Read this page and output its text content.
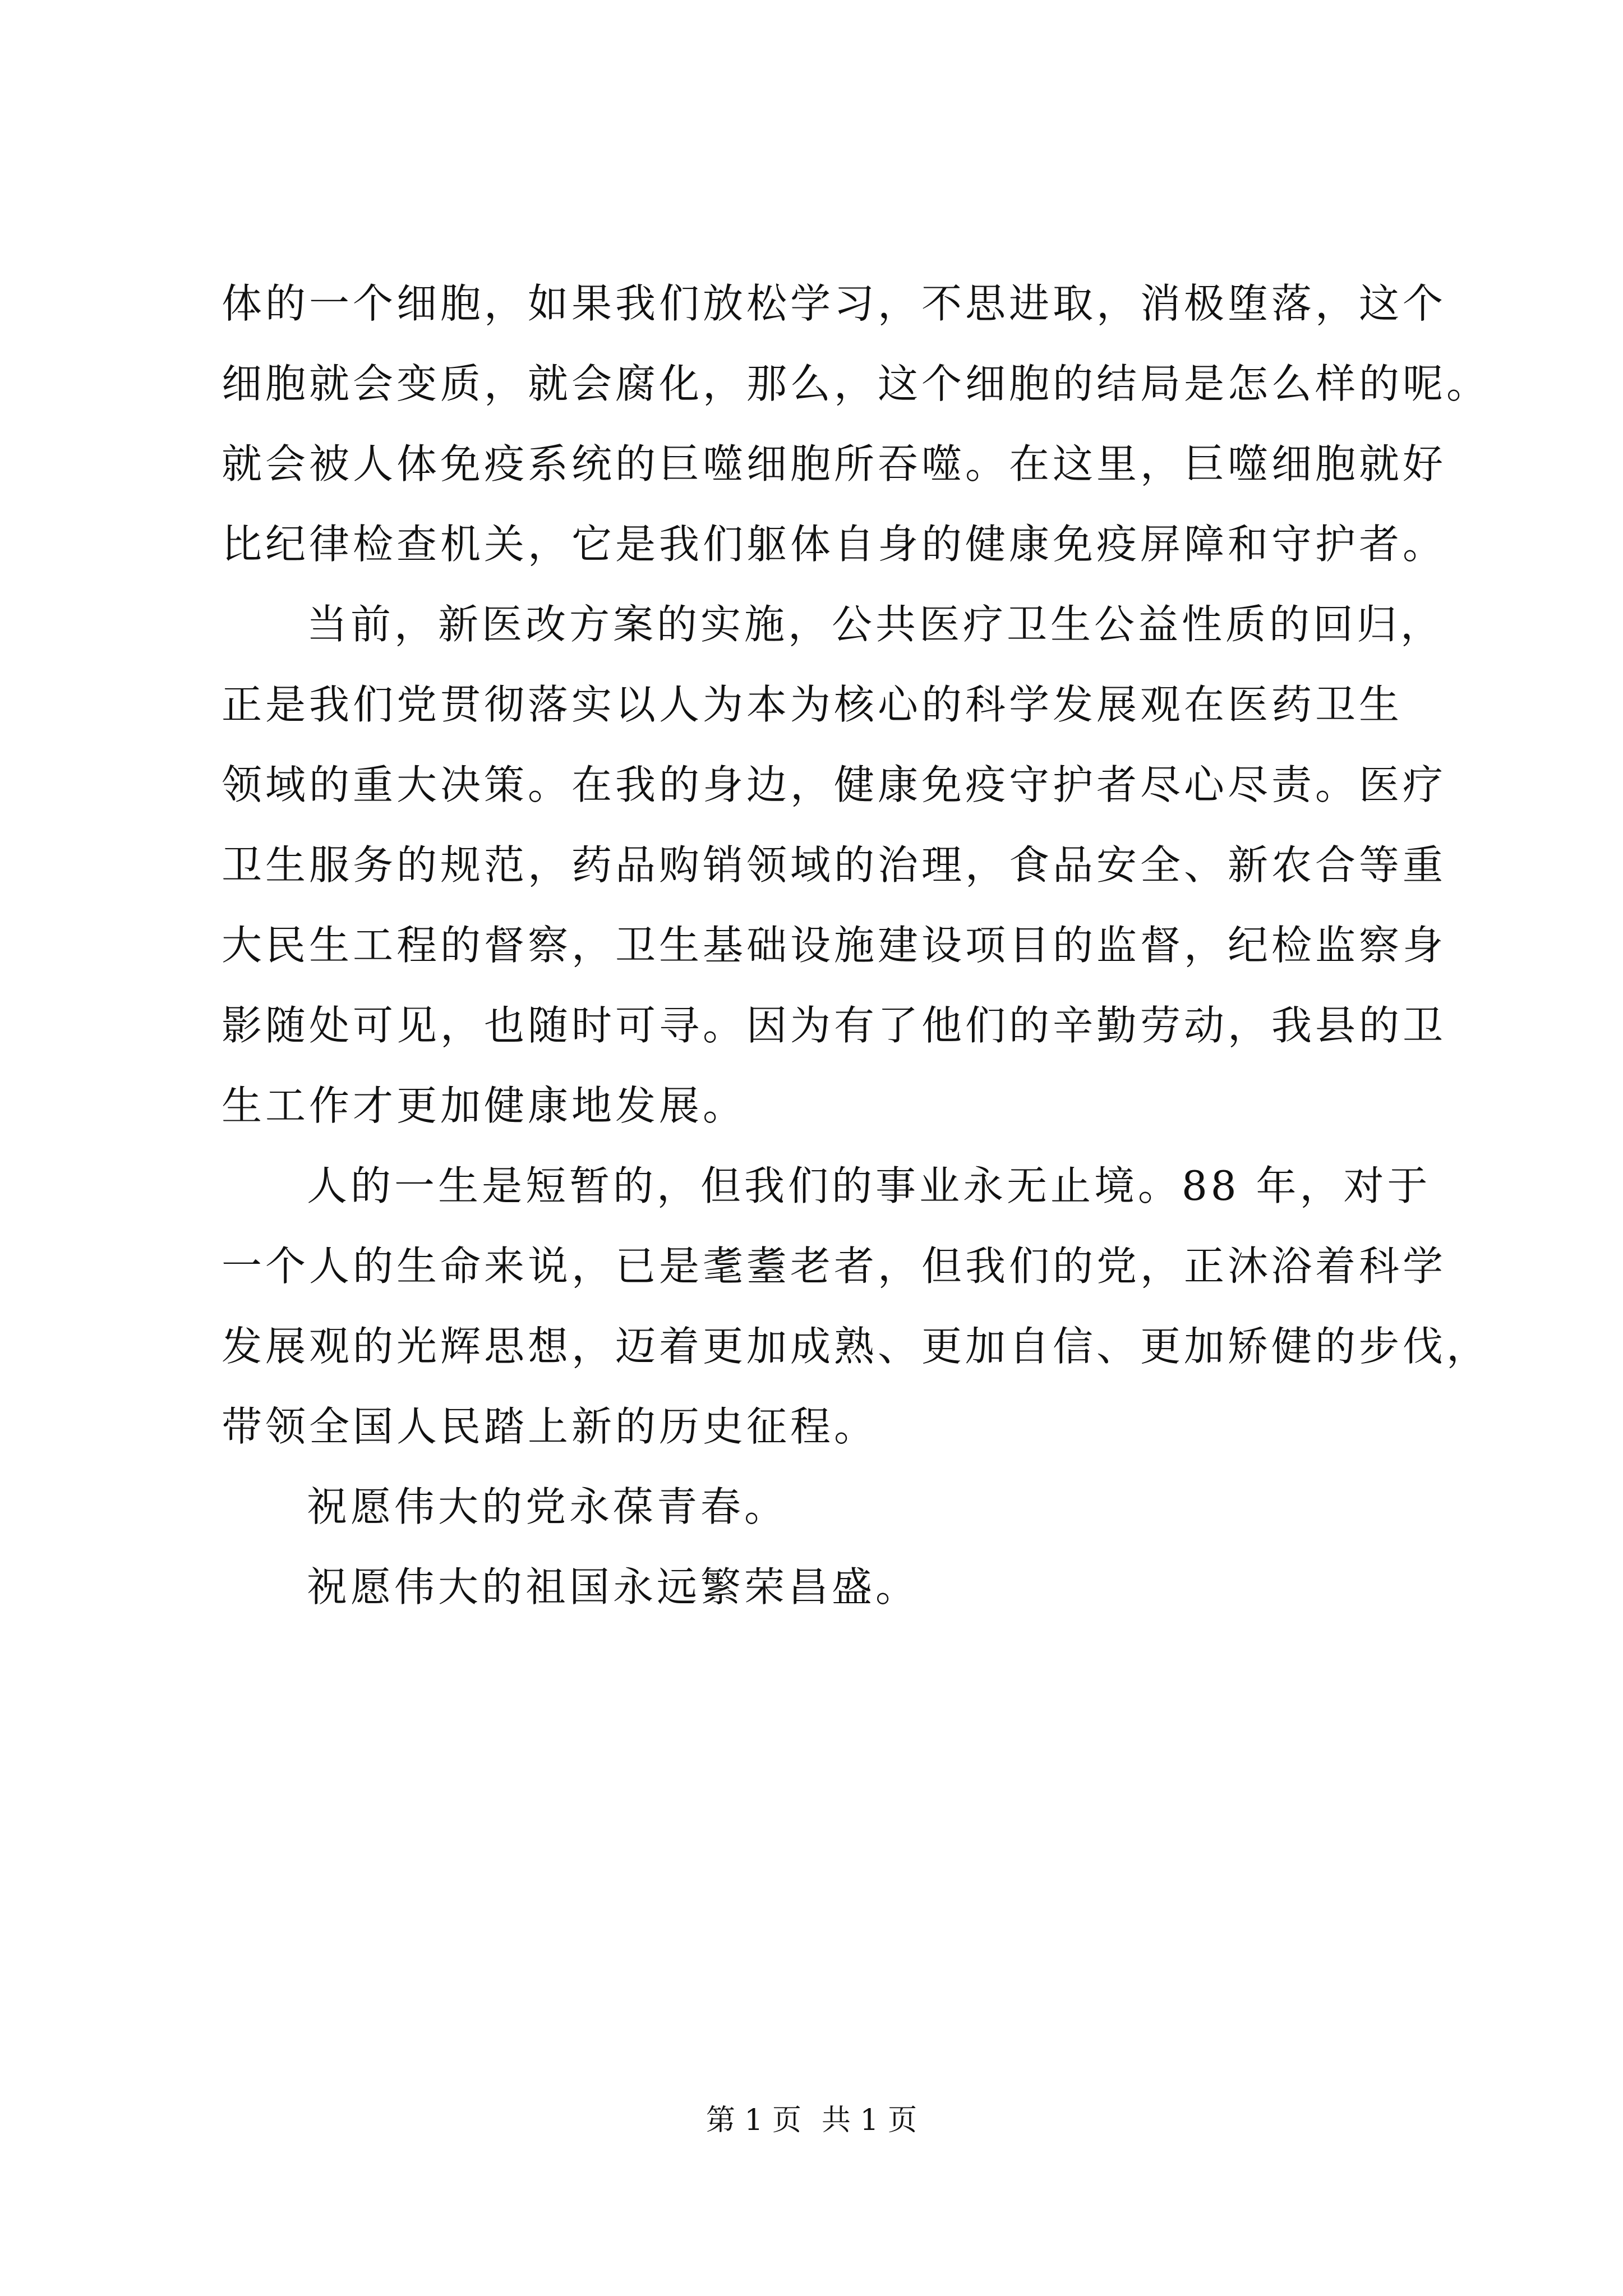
体的一个细胞，如果我们放松学习，不思进取，消极堕落，这个
细胞就会变质，就会腐化，那么，这个细胞的结局是怎么样的呢。
就会被人体免疫系统的巨噬细胞所吞噬。在这里，巨噬细胞就好
比纪律检查机关，它是我们躯体自身的健康免疫屏障和守护者。
当前，新医改方案的实施，公共医疗卫生公益性质的回归，
正是我们党贯彻落实以人为本为核心的科学发展观在医药卫生
领域的重大决策。在我的身边，健康免疫守护者尽心尽责。医疗
卫生服务的规范，药品购销领域的治理，食品安全、新农合等重
大民生工程的督察，卫生基础设施建设项目的监督，纪检监察身
影随处可见，也随时可寻。因为有了他们的辛勤劳动，我县的卫
生工作才更加健康地发展。
人的一生是短暂的，但我们的事业永无止境。88 年，对于
一个人的生命来说，已是耄耋老者，但我们的党，正沐浴着科学
发展观的光辉思想，迈着更加成熟、更加自信、更加矫健的步伐，
带领全国人民踏上新的历史征程。
祝愿伟大的党永葆青春。
祝愿伟大的祖国永远繁荣昌盛。
第 1 页 共 1 页
